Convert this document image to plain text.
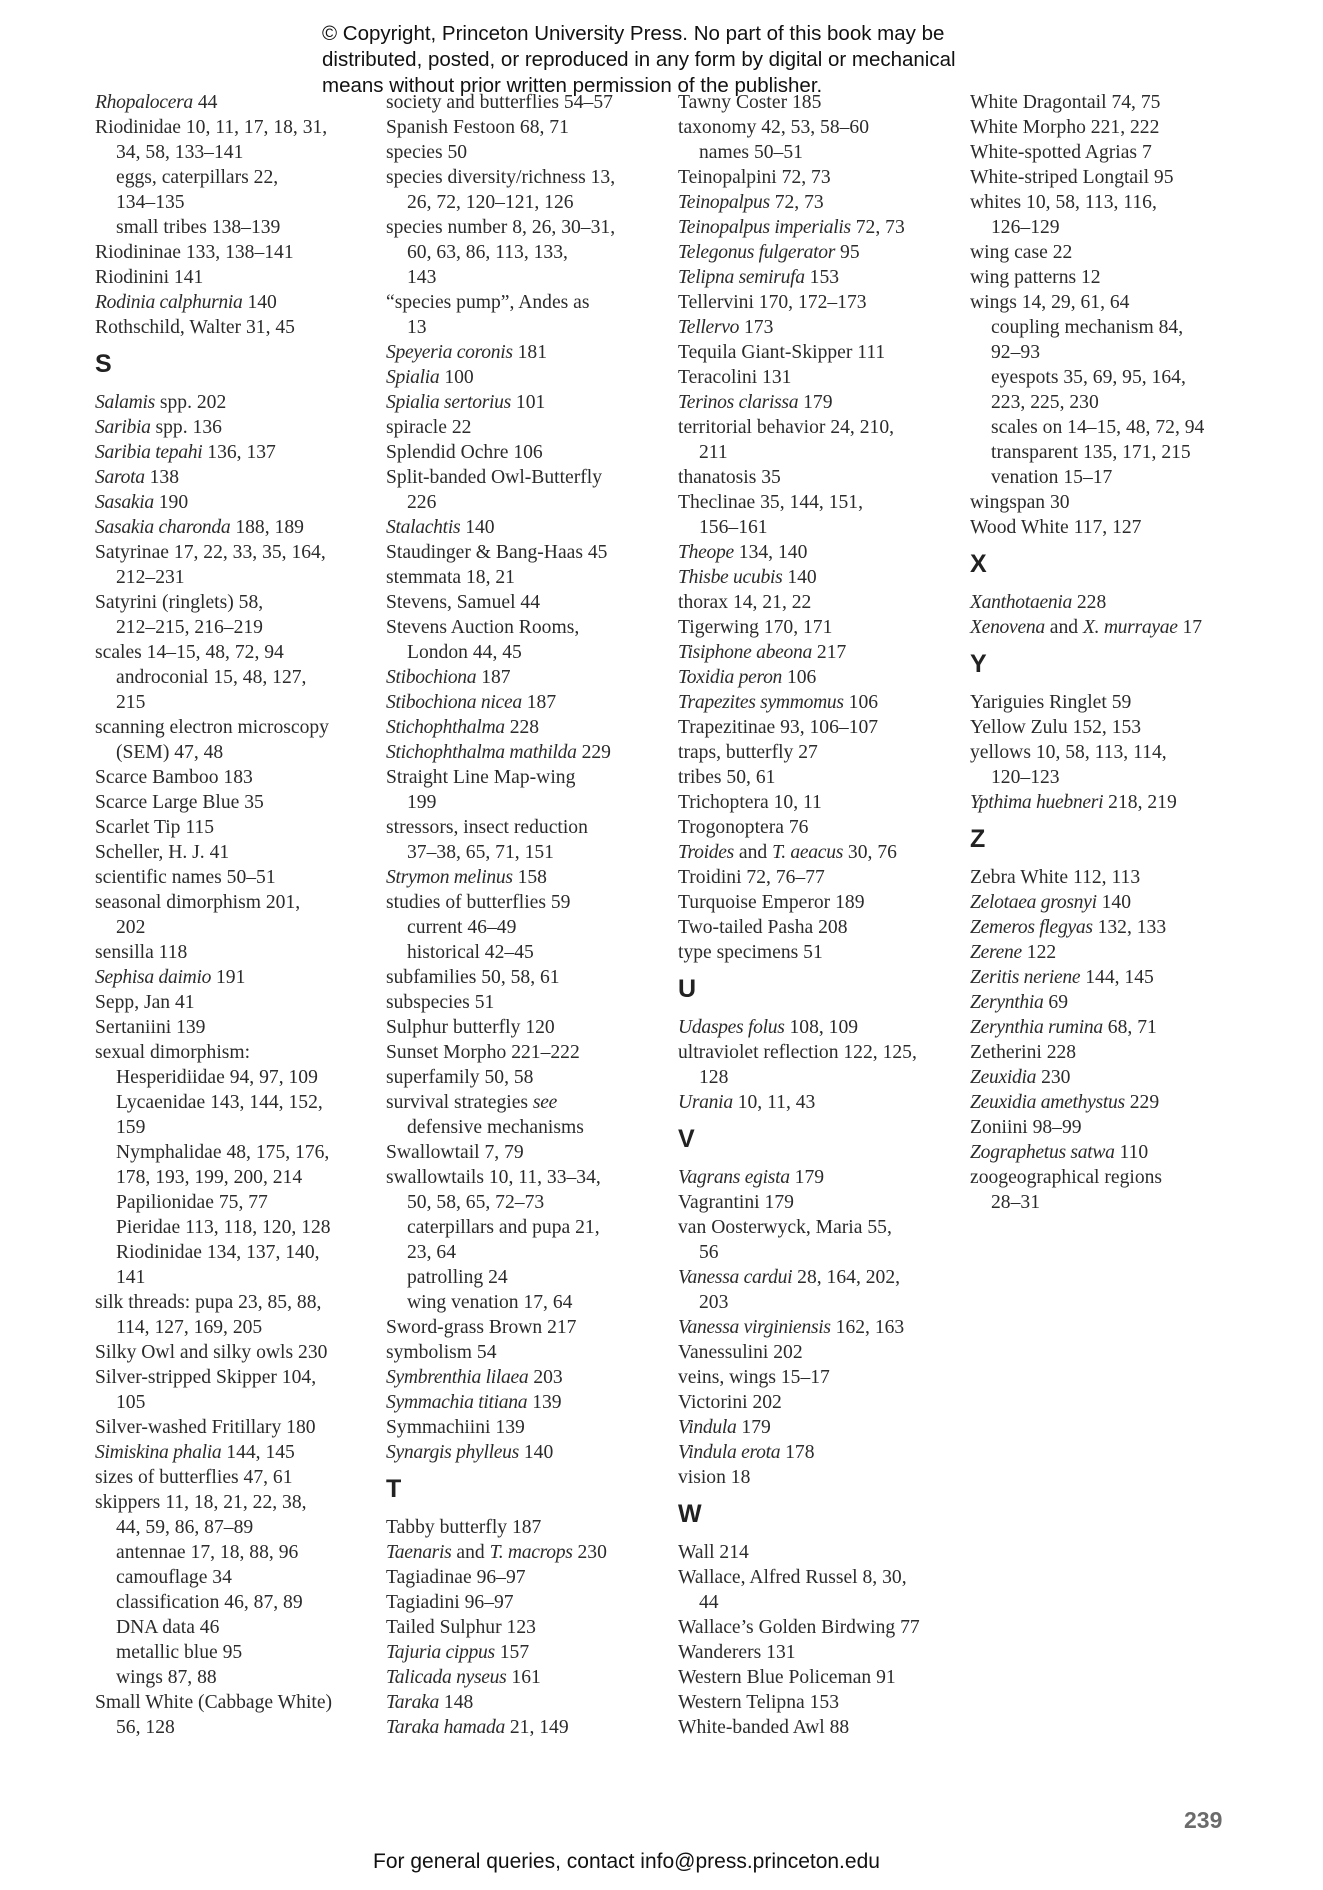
© Copyright, Princeton University Press. No part of this book may be
distributed, posted, or reproduced in any form by digital or mechanical
means without prior written permission of the publisher.
Rhopalocera 44
Riodinidae 10, 11, 17, 18, 31,
34, 58, 133–141
eggs, caterpillars 22,
134–135
small tribes 138–139
Riodininae 133, 138–141
Riodinini 141
Rodinia calphurnia 140
Rothschild, Walter 31, 45
S
Salamis spp. 202
Saribia spp. 136
Saribia tepahi 136, 137
Sarota 138
Sasakia 190
Sasakia charonda 188, 189
Satyrinae 17, 22, 33, 35, 164,
212–231
Satyrini (ringlets) 58,
212–215, 216–219
scales 14–15, 48, 72, 94
androconial 15, 48, 127,
215
scanning electron microscopy
(SEM) 47, 48
Scarce Bamboo 183
Scarce Large Blue 35
Scarlet Tip 115
Scheller, H. J. 41
scientific names 50–51
seasonal dimorphism 201,
202
sensilla 118
Sephisa daimio 191
Sepp, Jan 41
Sertaniini 139
sexual dimorphism:
Hesperidiidae 94, 97, 109
Lycaenidae 143, 144, 152,
159
Nymphalidae 48, 175, 176,
178, 193, 199, 200, 214
Papilionidae 75, 77
Pieridae 113, 118, 120, 128
Riodinidae 134, 137, 140,
141
silk threads: pupa 23, 85, 88,
114, 127, 169, 205
Silky Owl and silky owls 230
Silver-stripped Skipper 104,
105
Silver-washed Fritillary 180
Simiskina phalia 144, 145
sizes of butterflies 47, 61
skippers 11, 18, 21, 22, 38,
44, 59, 86, 87–89
antennae 17, 18, 88, 96
camouflage 34
classification 46, 87, 89
DNA data 46
metallic blue 95
wings 87, 88
Small White (Cabbage White)
56, 128
society and butterflies 54–57
Spanish Festoon 68, 71
species 50
species diversity/richness 13,
26, 72, 120–121, 126
species number 8, 26, 30–31,
60, 63, 86, 113, 133,
143
“species pump”, Andes as
13
Speyeria coronis 181
Spialia 100
Spialia sertorius 101
spiracle 22
Splendid Ochre 106
Split-banded Owl-Butterfly
226
Stalachtis 140
Staudinger & Bang-Haas 45
stemmata 18, 21
Stevens, Samuel 44
Stevens Auction Rooms,
London 44, 45
Stibochiona 187
Stibochiona nicea 187
Stichophthalma 228
Stichophthalma mathilda 229
Straight Line Map-wing
199
stressors, insect reduction
37–38, 65, 71, 151
Strymon melinus 158
studies of butterflies 59
current 46–49
historical 42–45
subfamilies 50, 58, 61
subspecies 51
Sulphur butterfly 120
Sunset Morpho 221–222
superfamily 50, 58
survival strategies see
defensive mechanisms
Swallowtail 7, 79
swallowtails 10, 11, 33–34,
50, 58, 65, 72–73
caterpillars and pupa 21,
23, 64
patrolling 24
wing venation 17, 64
Sword-grass Brown 217
symbolism 54
Symbrenthia lilaea 203
Symmachia titiana 139
Symmachiini 139
Synargis phylleus 140
T
Tabby butterfly 187
Taenaris and T. macrops 230
Tagiadinae 96–97
Tagiadini 96–97
Tailed Sulphur 123
Tajuria cippus 157
Talicada nyseus 161
Taraka 148
Taraka hamada 21, 149
Tawny Coster 185
taxonomy 42, 53, 58–60
names 50–51
Teinopalpini 72, 73
Teinopalpus 72, 73
Teinopalpus imperialis 72, 73
Telegonus fulgerator 95
Telipna semirufa 153
Tellervini 170, 172–173
Tellervo 173
Tequila Giant-Skipper 111
Teracolini 131
Terinos clarissa 179
territorial behavior 24, 210,
211
thanatosis 35
Theclinae 35, 144, 151,
156–161
Theope 134, 140
Thisbe ucubis 140
thorax 14, 21, 22
Tigerwing 170, 171
Tisiphone abeona 217
Toxidia peron 106
Trapezites symmomus 106
Trapezitinae 93, 106–107
traps, butterfly 27
tribes 50, 61
Trichoptera 10, 11
Trogonoptera 76
Troides and T. aeacus 30, 76
Troidini 72, 76–77
Turquoise Emperor 189
Two-tailed Pasha 208
type specimens 51
U
Udaspes folus 108, 109
ultraviolet reflection 122, 125,
128
Urania 10, 11, 43
V
Vagrans egista 179
Vagrantini 179
van Oosterwyck, Maria 55,
56
Vanessa cardui 28, 164, 202,
203
Vanessa virginiensis 162, 163
Vanessulini 202
veins, wings 15–17
Victorini 202
Vindula 179
Vindula erota 178
vision 18
W
Wall 214
Wallace, Alfred Russel 8, 30,
44
Wallace’s Golden Birdwing 77
Wanderers 131
Western Blue Policeman 91
Western Telipna 153
White-banded Awl 88
White Dragontail 74, 75
White Morpho 221, 222
White-spotted Agrias 7
White-striped Longtail 95
whites 10, 58, 113, 116,
126–129
wing case 22
wing patterns 12
wings 14, 29, 61, 64
coupling mechanism 84,
92–93
eyespots 35, 69, 95, 164,
223, 225, 230
scales on 14–15, 48, 72, 94
transparent 135, 171, 215
venation 15–17
wingspan 30
Wood White 117, 127
X
Xanthotaenia 228
Xenovena and X. murrayae 17
Y
Yariguies Ringlet 59
Yellow Zulu 152, 153
yellows 10, 58, 113, 114,
120–123
Ypthima huebneri 218, 219
Z
Zebra White 112, 113
Zelotaea grosnyi 140
Zemeros flegyas 132, 133
Zerene 122
Zeritis neriene 144, 145
Zerynthia 69
Zerynthia rumina 68, 71
Zetherini 228
Zeuxidia 230
Zeuxidia amethystus 229
Zoniini 98–99
Zographetus satwa 110
zoogeographical regions
28–31
239
For general queries, contact info@press.princeton.edu
